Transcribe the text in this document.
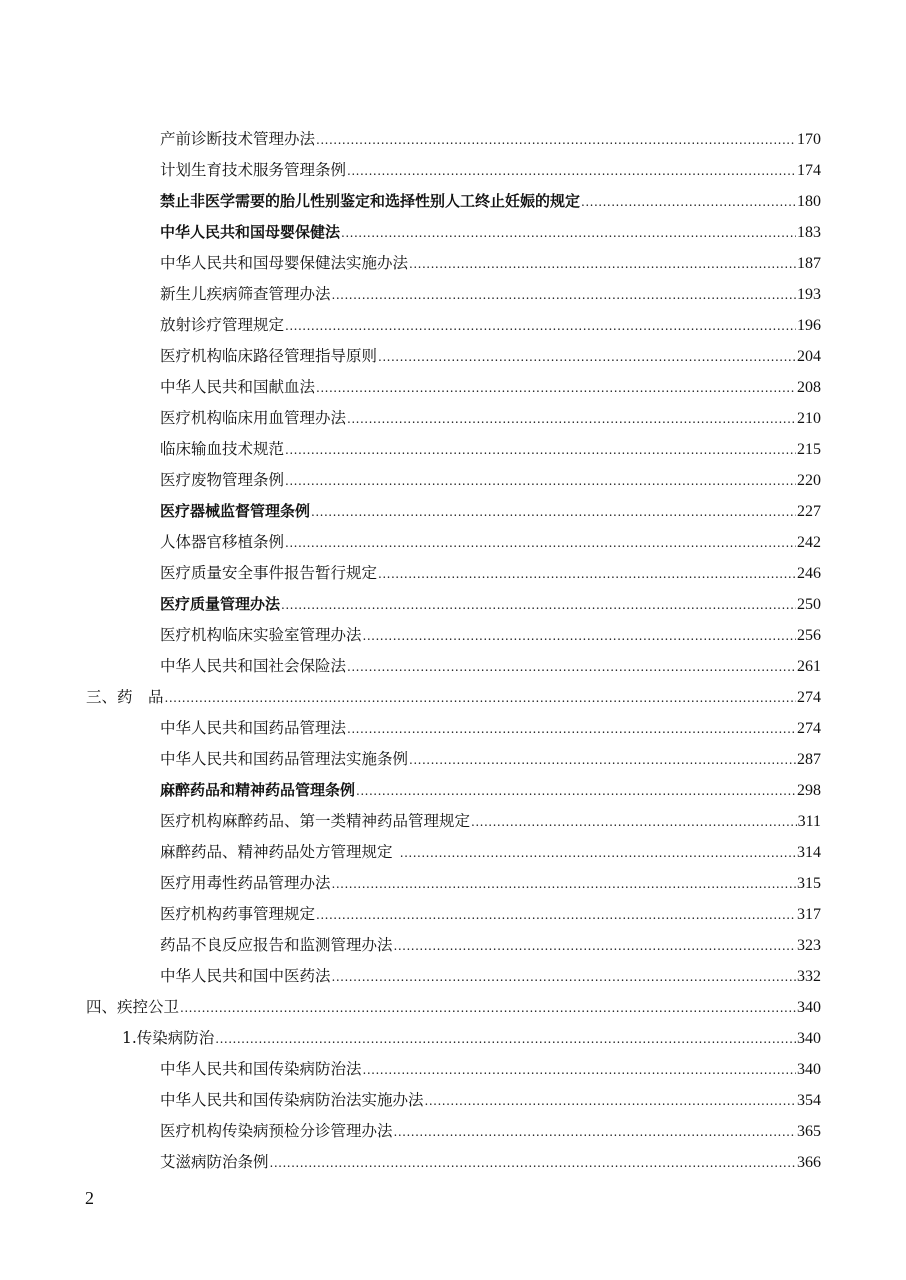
产前诊断技术管理办法 .....	170
计划生育技术服务管理条例 .....	174
禁止非医学需要的胎儿性别鉴定和选择性别人工终止妊娠的规定 .....	180
中华人民共和国母婴保健法 .....	183
中华人民共和国母婴保健法实施办法 .....	187
新生儿疾病筛查管理办法 .....	193
放射诊疗管理规定 .....	196
医疗机构临床路径管理指导原则 .....	204
中华人民共和国献血法 .....	208
医疗机构临床用血管理办法 .....	210
临床输血技术规范 .....	215
医疗废物管理条例 .....	220
医疗器械监督管理条例 .....	227
人体器官移植条例 .....	242
医疗质量安全事件报告暂行规定 .....	246
医疗质量管理办法 .....	250
医疗机构临床实验室管理办法 .....	256
中华人民共和国社会保险法 .....	261
三、药　品 .....	274
中华人民共和国药品管理法 .....	274
中华人民共和国药品管理法实施条例 .....	287
麻醉药品和精神药品管理条例 .....	298
医疗机构麻醉药品、第一类精神药品管理规定 .....	311
麻醉药品、精神药品处方管理规定 .....	314
医疗用毒性药品管理办法 .....	315
医疗机构药事管理规定 .....	317
药品不良反应报告和监测管理办法 .....	323
中华人民共和国中医药法 .....	332
四、疾控公卫 .....	340
1.传染病防治 .....	340
中华人民共和国传染病防治法 .....	340
中华人民共和国传染病防治法实施办法 .....	354
医疗机构传染病预检分诊管理办法 .....	365
艾滋病防治条例 .....	366
2
